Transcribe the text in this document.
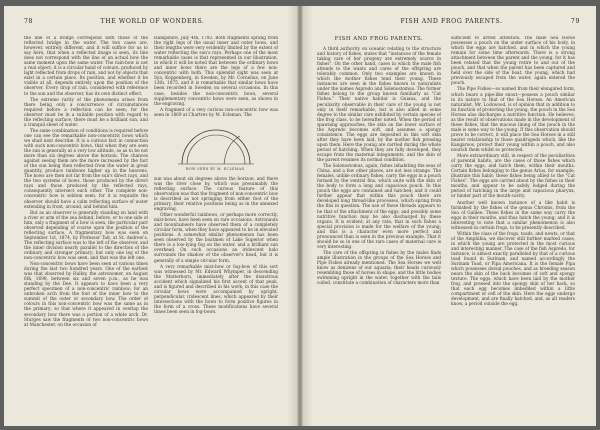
78	THE WORLD OF WONDERS.

the line of a bridge correspond with those of the reflected bridge in the water. The two cases are, however, entirely different, and it will suffice for us to say here, that when a reflected image is seen, its line does not correspond with the line of an actual bow the same moment upon the same water. The rain-bow is not a real object; it is a circular band of colours, produced by light reflected from drops of rain, and not by objects that exist in a certain place. Its position, and whether it be visible at all, depends entirely upon the position of the observer. Every drop of rain, considered with reference to the sun and the observer, has its own distinct effect.

The extreme rarity of the phenomena arises from there being only a concurrence of circumstances required before a reflection can be seen; for the observer must be in a suitable position with regard to the reflecting surface, there must be a brilliant sun, and a tranquil sheet of water.

The same combination of conditions is required before one can see the remarkable non-concentric bows which we shall next describe. It is a curious fact in connection with such non-concentric bows, that when they are seen the sun is generally at a very low altitude, so as to be not more than six degrees above the horizon. The chances against seeing them are the more increased by the fact of the sun being then reflected from the water in great quantity, produce rainbows higher up in the heavens. The bows are then not far from the sun's direct rays, and the two systems of bows, those produced by the direct rays and those produced by the reflected rays, consequently intersect each other. The complete non-concentric bow is seldom seen, for it is requisite the observer should have a calm reflecting surface of water extending in front, around, and behind him.

But as an observer is generally standing on land with a river or arm of the sea behind, before, or to one side of him, only a fragment of a bow is seen, the particular part observed depending of course upon the position of the reflecting surface. A fragmentary bow was seen on September 1st, 1874, by Professor Tait, at St. Andrew's. The reflecting surface was to the left of the observer, and the inner division nearly parallel to the direction of the ordinary and stronger primary; but only one leg of the non-concentric bow was seen, and that was the left one.

Non-concentric bows have been seen at various times during the last two hundred years. One of the earliest was that observed by Halley, the astronomer, on August 6th, 1698, between six and seven p.m., as he was standing by the Dee. It appears to have been a very perfect specimen of a non-concentric rainbow; for an unbroken arch from the foot of the inner bow to the summit of the outer or secondary bow. The order of colours in this non-concentric bow was the same as in the primary; so that where it appeared in overlap the secondary bow there was a portion of a white arch. Dr. Sturges saw the fragments of two non-concentric bows at Manchester, on the occasion of

Hampshire, July 4th, 1792. Both fragments sprang from the right legs of the usual inner and outer bows, and their lengths were very evidently limited by the extent of water reflecting the sun's rays. Perhaps one of the most remarkable cases is that represented in our illustration, in which it will be noted that between the ordinary bows and inner bows there are the legs of a few non-concentric with both. This splendid sight was seen at Sya, Koppenberg, in Sweden, by Mr. Cornelius, on June 13th, 1875, and it is remarkable that similar bows have been recorded in Sweden on several occasions. In this case, besides the non-concentric bows, several supplementary concentric bows were seen, as shown in the engraving.

A fragment of a very curious non-concentric bow was seen in 1869 at Chartres by M. Ecleman. The

BOW SEEN BY M. ECLEMAN.

sun was about six degrees above the horizon, and there was the river close by, which was presumably the reflecting surface. The curious feature of this observation was that the fragment of non-concentric bow is described as not springing from either foot of the primary, their relative positions being as in the annexed engraving.

Other wonderful rainbows, or perhaps more correctly, mist-bows, have been seen on rare occasions. Astronauts and mountaineers have observed them of a completely circular form, when they have appeared to be in elevated positions. A somewhat similar phenomenon has been seen observed by the boatmen of Lake Superior when there is a low-lying fog on the water, and a brilliant sun overhead. On such occasions an iridescent halo surrounds the shadow of the observer's head, but it is generally of a simple circular form.

A very remarkable mist-bow or fog-bow of this sort was witnessed by Mr. Edward Whymper, in descending the Matterhorn, immediately after the disastrous accident which signalized his first ascent of that peak, and is figured and described in his work; in this case the circular bows were accompanied by upright, perpendicular, iridescent lines, which appeared by their intersections with the bows to form positive figures in the form of a cross. These modifications have several times been seen in fog-bows.

FISH AND FROG PARENTS.	79
FISH AND FROG PARENTS.

A third authority on oceanic relating to the structure and history of fishes, states that "instances of the female taking care of her progeny are extremely scarce in fishes". On the other hand, cases in which the male fish attends to the wants and cares of the offspring are tolerably common. Only two examples are known in which the mother fishes tend their young. These instances are seen in the fishes known to naturalists under the names Aspredo and Solenostomus. The former fishes belong to the group known familiarly as "Cat Fishes." Their native habitat is Guiana, and the peculiarity observable in their care of the young is not only in itself remarkable, but is also allied in some degree to the similar care exhibited by certain species of the frog class, to be hereafter noted. When the period of spawning approaches, the skin on the lower surface of the Aspredo becomes soft, and assumes a spongy consistence. The eggs are deposited in this soft skin after they have been laid, by the mother fish pressing upon them. Here the young are carried during the whole period of hatching. When they are fully developed, they escape from the maternal integuments, and the skin of the parent resumes its normal condition.

The Solenostomus, again, fishes inhabiting the seas of China, and a few other places, are not less strange. The females, unlike ordinary fishes, carry the eggs in a pouch formed by the ventral fins, which unite with the skin of the body to form a long and capacious pouch. In this pouch the eggs are contained and hatched; and it could further appear that within this pouch there are developed long thread-like processes, which spring from the fins in question. The use of these threads appears to be that of the attachment of the eggs, and possibly some nutritive function may be also discharged by these organs. It is evident, at any rate, that in such fishes a special provision is made for the welfare of the young; and this is a character even more perfect and pronounced than is seen in the previous example. That it should be so in one of the rare cases of maternal care is very interesting.

The care of the offspring in fishes by the males finds ample illustration in the groups of the Sea Horses and Pipe Fishes already mentioned. The Sea Horses we well know as denizens of our aquaria; their heads curiously resembling those of horses in shape, and the little bodies swimming upright in the water, together with the tails coiled, constitute a combination of characters more than

sufficient to arrest attention. The male Sea Horse possesses a pouch on the under surface of his body, in which the eggs are hatched, and in which the young remain for some time afterwards. There is a strong attachment between the parent and the young, for it has been related that the young retire to and out of the pouch, and that when the parent has been captured and held over the side of the boat, the young, which had previously escaped from the water, again entered the pouch.

The Pipe Fishes—so named from their elongated form, which bears a pipe-like snout—possess a pouch similar in its nature to that of the Sea Horses. An American naturalist, Mr. Lockwood, is of opinion that in addition to its function of protecting the young, the pouch in the Sea Horses also discharges a nutritive function. He believes, as the result of observations made in the development of these fishes, that the mucous lining of the pouch in the male is some way to the young. If this observation should prove to be correct, it will place the Sea Horses in a still nearer relationship to those quadrupeds which, like the Kangaroos, protect their young within a pouch, and also nourish them whilst so protected.

More extraordinary still, in respect of the peculiarities of parental habits, are the cases of those fishes which carry the eggs, and hatch them, within their mouths. Certain fishes belonging to the genus Arius, for example, illustrate this habit; these fishes being allied to the "Cat Fishes". The eggs are carried about by the fishes in their mouths, and appear to be safely lodged during the period of hatching in the large and capacious pharynx, or hinder part of the mouth-cavity.

Another well known instance of a like habit is furnished by the fishes of the genus Chromis, from the Sea of Galilee. These fishes in the same way carry the eggs in their mouths, and thus hatch the young; and it is interesting to note that a similar phenomenon is also witnessed in certain frogs, to be presently described.

Within the class of the frogs, toads, and newts, or that of the Amphibia, we discover still further marked cases, in which the young are protected in the most curious and interesting manner. The case of the fish Aspredo, for instance, is almost exactly paralleled by that of a curious toad found in Surinam, and named accordingly the Surinam Toad, or Pipa Americana. It is the female Pipa which possesses dorsal pouches, and as breeding season nears the skin of the back becomes of soft and spongy texture. The eggs, which have been laid by the mother frog, and pressed into the spongy skin of her back, so that each egg becomes imbedded within a little compartment or cell of the skin. Here the eggs undergo development, and are finally hatched, and, as all readers know, a period outside the egg.
